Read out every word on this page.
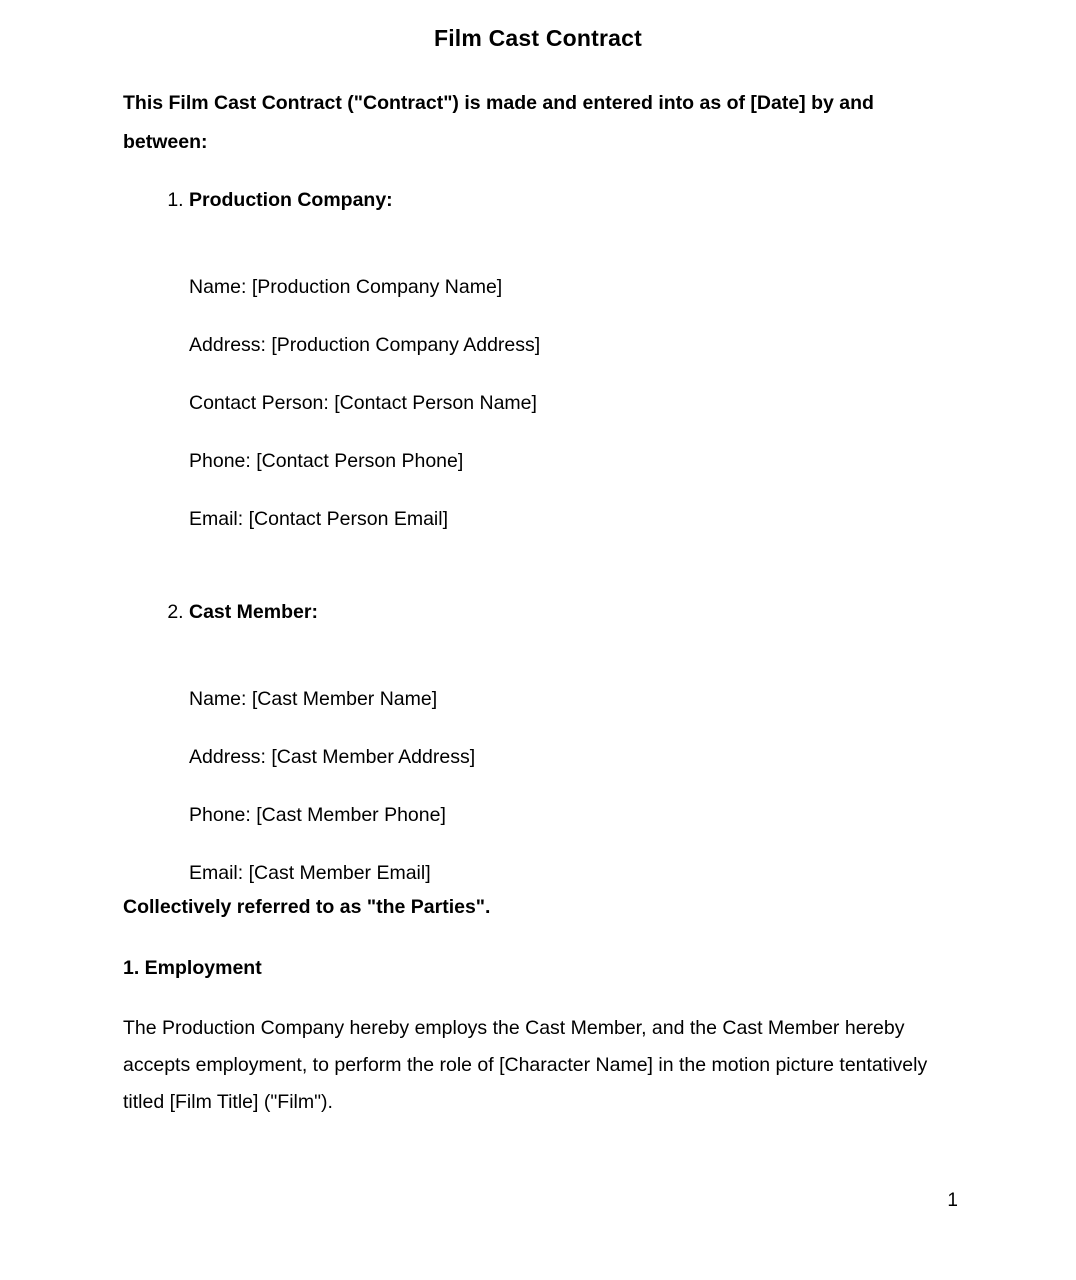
Film Cast Contract

This Film Cast Contract ("Contract") is made and entered into as of [Date] by and between:

1. Production Company:
Name: [Production Company Name]
Address: [Production Company Address]
Contact Person: [Contact Person Name]
Phone: [Contact Person Phone]
Email: [Contact Person Email]
2. Cast Member:
Name: [Cast Member Name]
Address: [Cast Member Address]
Phone: [Cast Member Phone]
Email: [Cast Member Email]

Collectively referred to as "the Parties".

1. Employment

The Production Company hereby employs the Cast Member, and the Cast Member hereby accepts employment, to perform the role of [Character Name] in the motion picture tentatively titled [Film Title] ("Film").

1
